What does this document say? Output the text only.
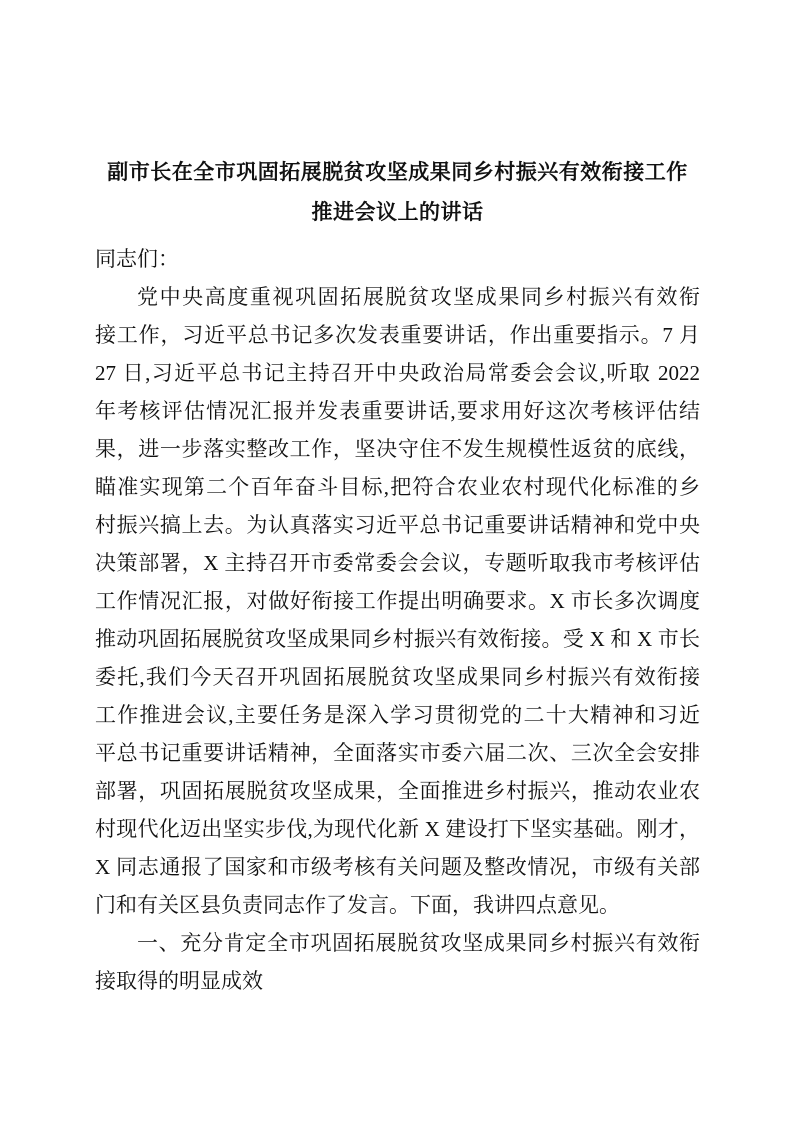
副市长在全市巩固拓展脱贫攻坚成果同乡村振兴有效衔接工作
推进会议上的讲话
同志们：
党中央高度重视巩固拓展脱贫攻坚成果同乡村振兴有效衔
接工作，习近平总书记多次发表重要讲话，作出重要指示。7 月
27 日,习近平总书记主持召开中央政治局常委会会议,听取 2022
年考核评估情况汇报并发表重要讲话,要求用好这次考核评估结
果，进一步落实整改工作，坚决守住不发生规模性返贫的底线，
瞄准实现第二个百年奋斗目标,把符合农业农村现代化标准的乡
村振兴搞上去。为认真落实习近平总书记重要讲话精神和党中央
决策部署，X 主持召开市委常委会会议，专题听取我市考核评估
工作情况汇报，对做好衔接工作提出明确要求。X 市长多次调度
推动巩固拓展脱贫攻坚成果同乡村振兴有效衔接。受 X 和 X 市长
委托,我们今天召开巩固拓展脱贫攻坚成果同乡村振兴有效衔接
工作推进会议,主要任务是深入学习贯彻党的二十大精神和习近
平总书记重要讲话精神，全面落实市委六届二次、三次全会安排
部署，巩固拓展脱贫攻坚成果，全面推进乡村振兴，推动农业农
村现代化迈出坚实步伐,为现代化新 X 建设打下坚实基础。刚才，
X 同志通报了国家和市级考核有关问题及整改情况，市级有关部
门和有关区县负责同志作了发言。下面，我讲四点意见。
一、充分肯定全市巩固拓展脱贫攻坚成果同乡村振兴有效衔
接取得的明显成效
